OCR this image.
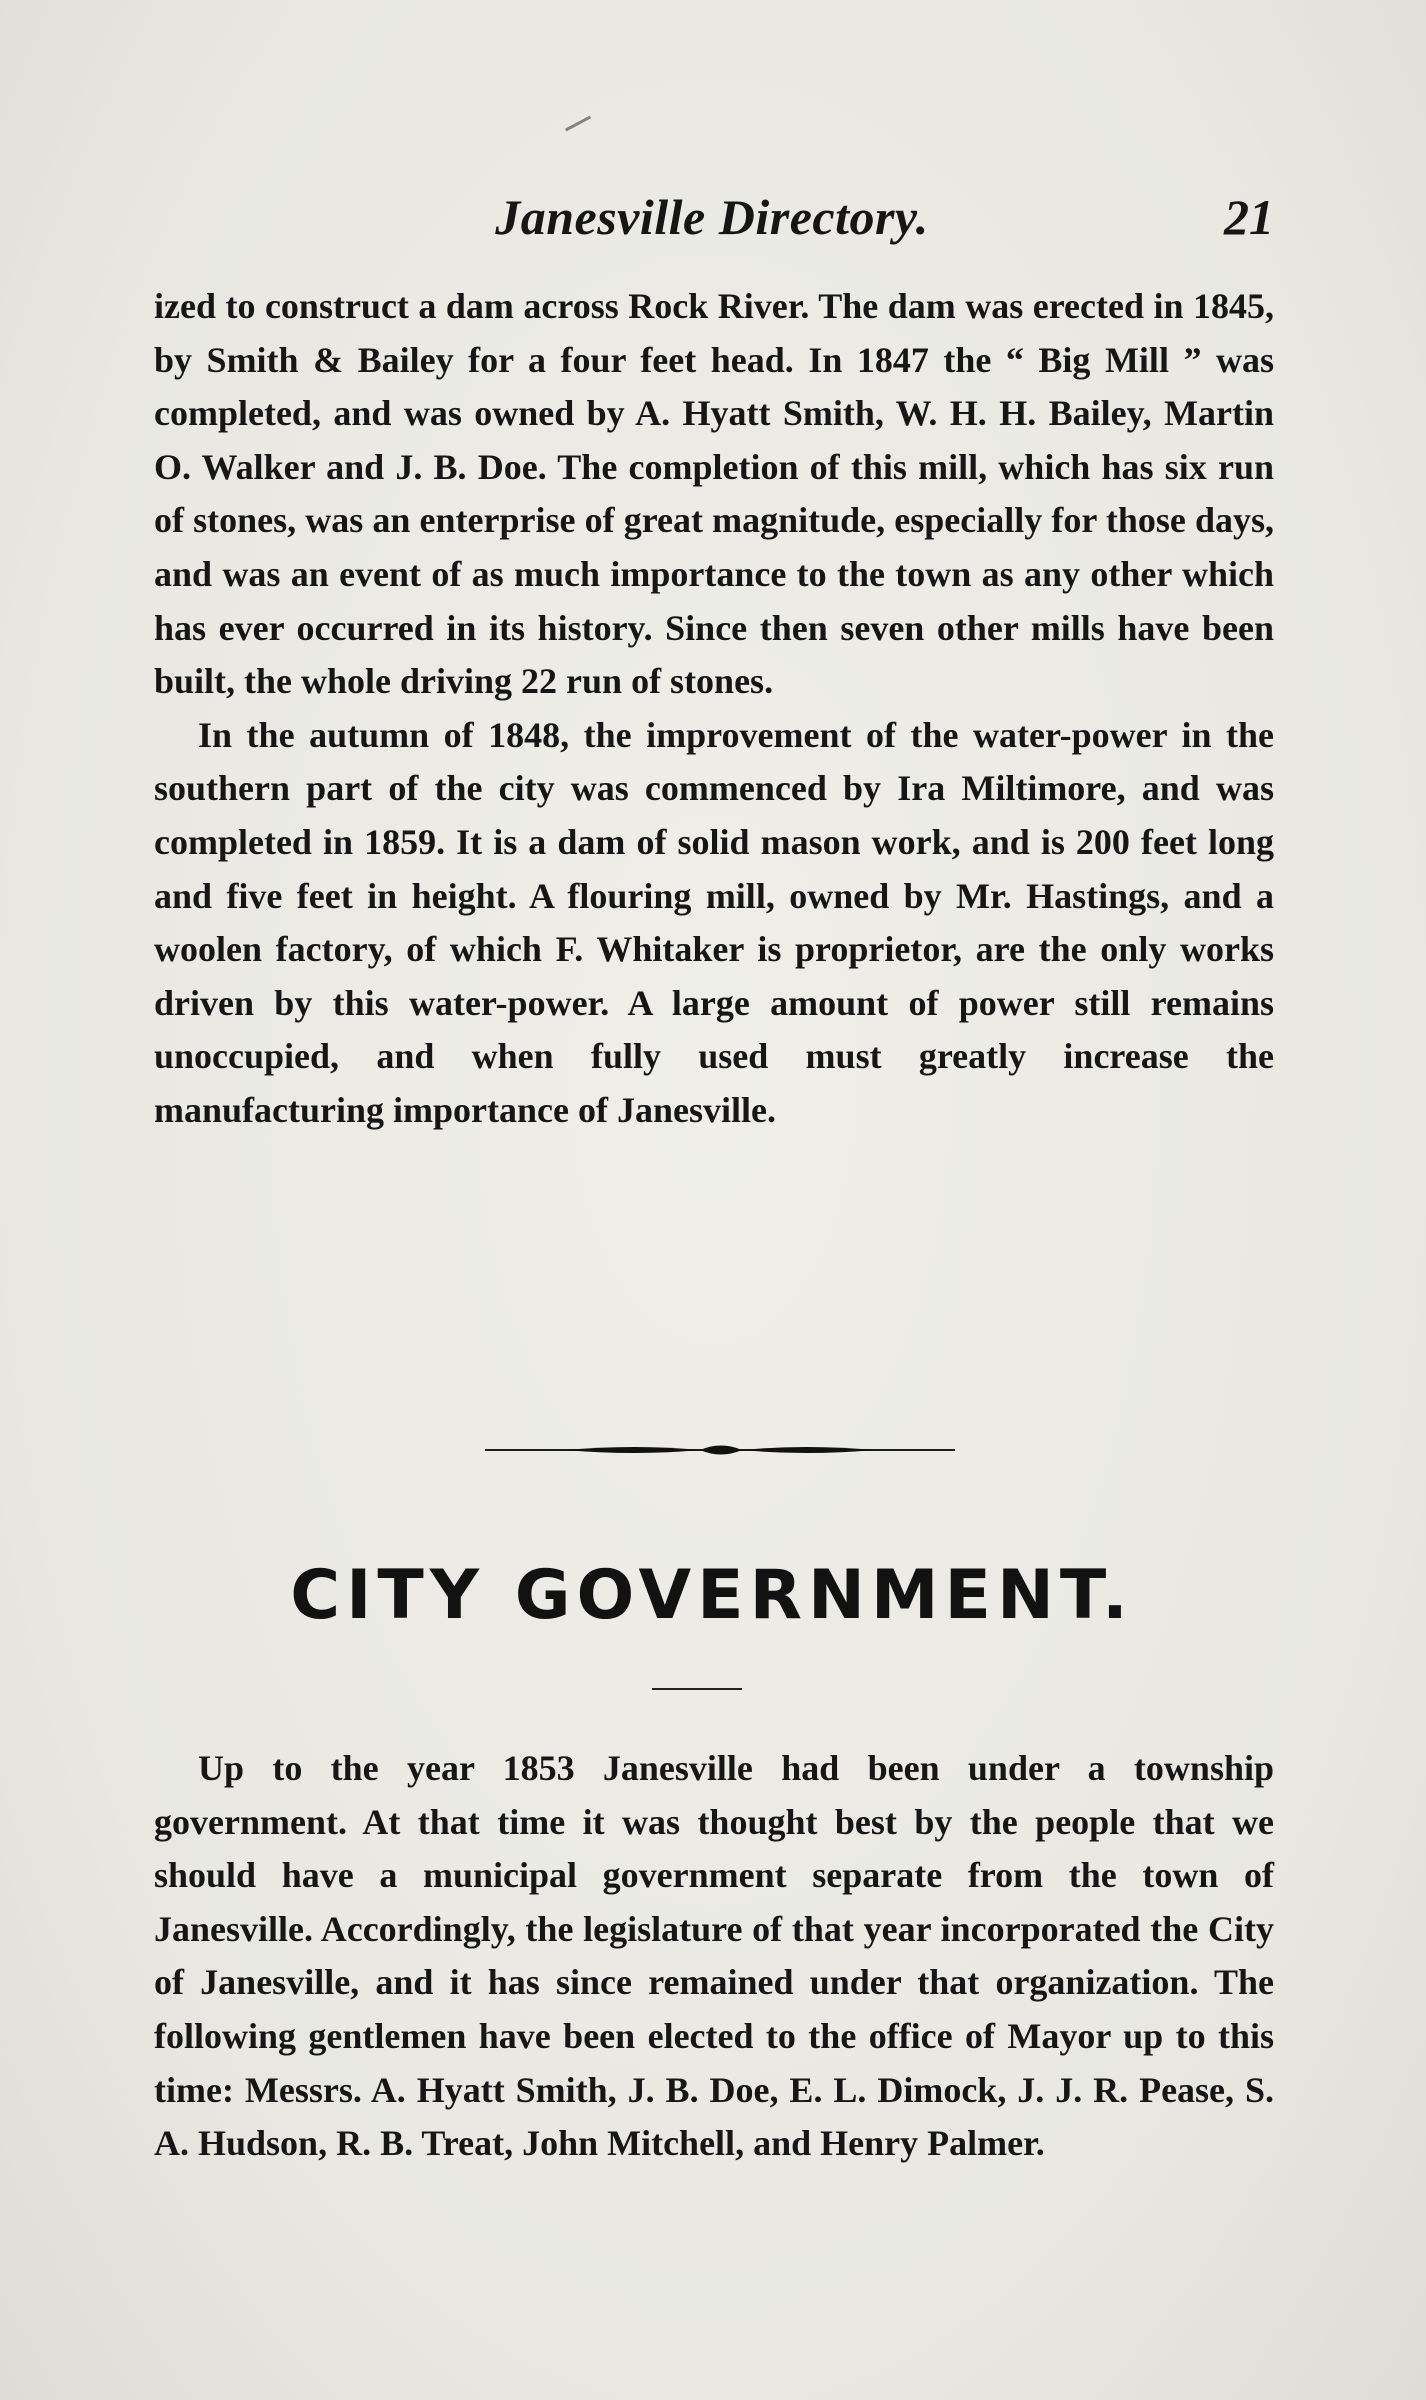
Janesville Directory.	21

ized to construct a dam across Rock River. The dam was erected in 1845, by Smith & Bailey for a four feet head. In 1847 the “ Big Mill ” was completed, and was owned by A. Hyatt Smith, W. H. H. Bailey, Martin O. Walker and J. B. Doe. The completion of this mill, which has six run of stones, was an enterprise of great magnitude, especially for those days, and was an event of as much importance to the town as any other which has ever occurred in its history. Since then seven other mills have been built, the whole driving 22 run of stones.

In the autumn of 1848, the improvement of the water-power in the southern part of the city was commenced by Ira Miltimore, and was completed in 1859. It is a dam of solid mason work, and is 200 feet long and five feet in height. A flouring mill, owned by Mr. Hastings, and a woolen factory, of which F. Whitaker is proprietor, are the only works driven by this water-power. A large amount of power still remains unoccupied, and when fully used must greatly increase the manufacturing importance of Janesville.

CITY GOVERNMENT.

Up to the year 1853 Janesville had been under a township government. At that time it was thought best by the people that we should have a municipal government separate from the town of Janesville. Accordingly, the legislature of that year incorporated the City of Janesville, and it has since remained under that organization. The following gentlemen have been elected to the office of Mayor up to this time: Messrs. A. Hyatt Smith, J. B. Doe, E. L. Dimock, J. J. R. Pease, S. A. Hudson, R. B. Treat, John Mitchell, and Henry Palmer.
